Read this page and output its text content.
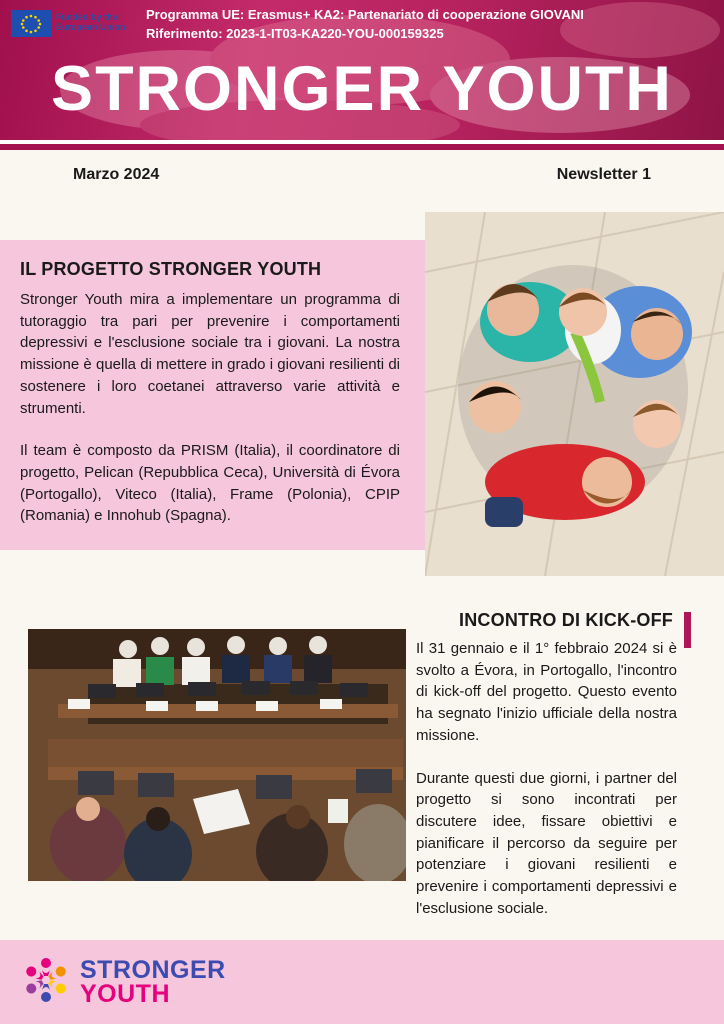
Funded by the European Union
Programma UE: Erasmus+ KA2: Partenariato di cooperazione GIOVANI
Riferimento: 2023-1-IT03-KA220-YOU-000159325
STRONGER YOUTH
Marzo 2024	Newsletter 1
IL PROGETTO STRONGER YOUTH

Stronger Youth mira a implementare un programma di tutoraggio tra pari per prevenire i comportamenti depressivi e l'esclusione sociale tra i giovani. La nostra missione è quella di mettere in grado i giovani resilienti di sostenere i loro coetanei attraverso varie attività e strumenti.

Il team è composto da PRISM (Italia), il coordinatore di progetto, Pelican (Repubblica Ceca), Università di Évora (Portogallo), Viteco (Italia), Frame (Polonia), CPIP (Romania) e Innohub (Spagna).

INCONTRO DI KICK-OFF

Il 31 gennaio e il 1° febbraio 2024 si è svolto a Évora, in Portogallo, l'incontro di kick-off del progetto. Questo evento ha segnato l'inizio ufficiale della nostra missione.

Durante questi due giorni, i partner del progetto si sono incontrati per discutere idee, fissare obiettivi e pianificare il percorso da seguire per potenziare i giovani resilienti e prevenire i comportamenti depressivi e l'esclusione sociale.

STRONGER
YOUTH
